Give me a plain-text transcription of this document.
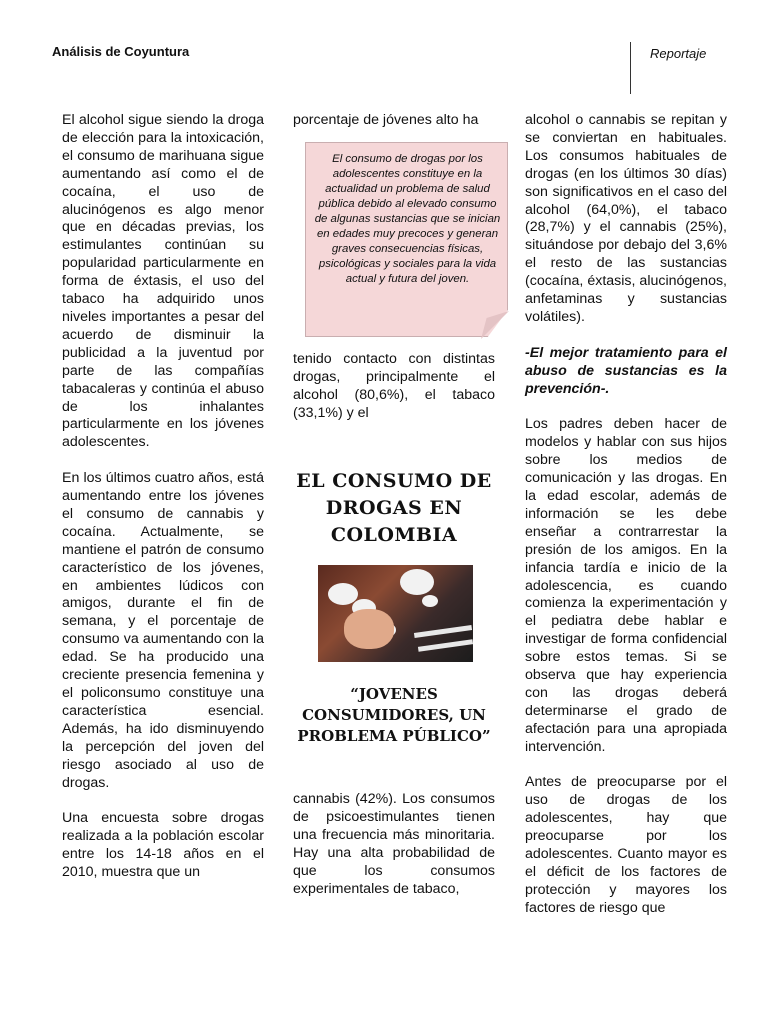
Análisis de Coyuntura	Reportaje

El alcohol sigue siendo la droga de elección para la intoxicación, el consumo de marihuana sigue aumentando así como el de cocaína, el uso de alucinógenos es algo menor que en décadas previas, los estimulantes continúan su popularidad particularmente en forma de éxtasis, el uso del tabaco ha adquirido unos niveles importantes a pesar del acuerdo de disminuir la publicidad a la juventud por parte de las compañías tabacaleras y continúa el abuso de los inhalantes particularmente en los jóvenes adolescentes.

En los últimos cuatro años, está aumentando entre los jóvenes el consumo de cannabis y cocaína. Actualmente, se mantiene el patrón de consumo característico de los jóvenes, en ambientes lúdicos con amigos, durante el fin de semana, y el porcentaje de consumo va aumentando con la edad. Se ha producido una creciente presencia femenina y el policonsumo constituye una característica esencial. Además, ha ido disminuyendo la percepción del joven del riesgo asociado al uso de drogas.

Una encuesta sobre drogas realizada a la población escolar entre los 14-18 años en el 2010, muestra que un

porcentaje de jóvenes alto ha

El consumo de drogas por los adolescentes constituye en la actualidad un problema de salud pública debido al elevado consumo de algunas sustancias que se inician en edades muy precoces y generan graves consecuencias físicas, psicológicas y sociales para la vida actual y futura del joven.

tenido contacto con distintas drogas, principalmente el alcohol (80,6%), el tabaco (33,1%) y el

EL CONSUMO DE DROGAS EN COLOMBIA
“JOVENES CONSUMIDORES, UN PROBLEMA PÚBLICO”

cannabis (42%). Los consumos de psicoestimulantes tienen una frecuencia más minoritaria. Hay una alta probabilidad de que los consumos experimentales de tabaco,

alcohol o cannabis se repitan y se conviertan en habituales. Los consumos habituales de drogas (en los últimos 30 días) son significativos en el caso del alcohol (64,0%), el tabaco (28,7%) y el cannabis (25%), situándose por debajo del 3,6% el resto de las sustancias (cocaína, éxtasis, alucinógenos, anfetaminas y sustancias volátiles).

-El mejor tratamiento para el abuso de sustancias es la prevención-.

Los padres deben hacer de modelos y hablar con sus hijos sobre los medios de comunicación y las drogas. En la edad escolar, además de información se les debe enseñar a contrarrestar la presión de los amigos. En la infancia tardía e inicio de la adolescencia, es cuando comienza la experimentación y el pediatra debe hablar e investigar de forma confidencial sobre estos temas. Si se observa que hay experiencia con las drogas deberá determinarse el grado de afectación para una apropiada intervención.

Antes de preocuparse por el uso de drogas de los adolescentes, hay que preocuparse por los adolescentes. Cuanto mayor es el déficit de los factores de protección y mayores los factores de riesgo que
